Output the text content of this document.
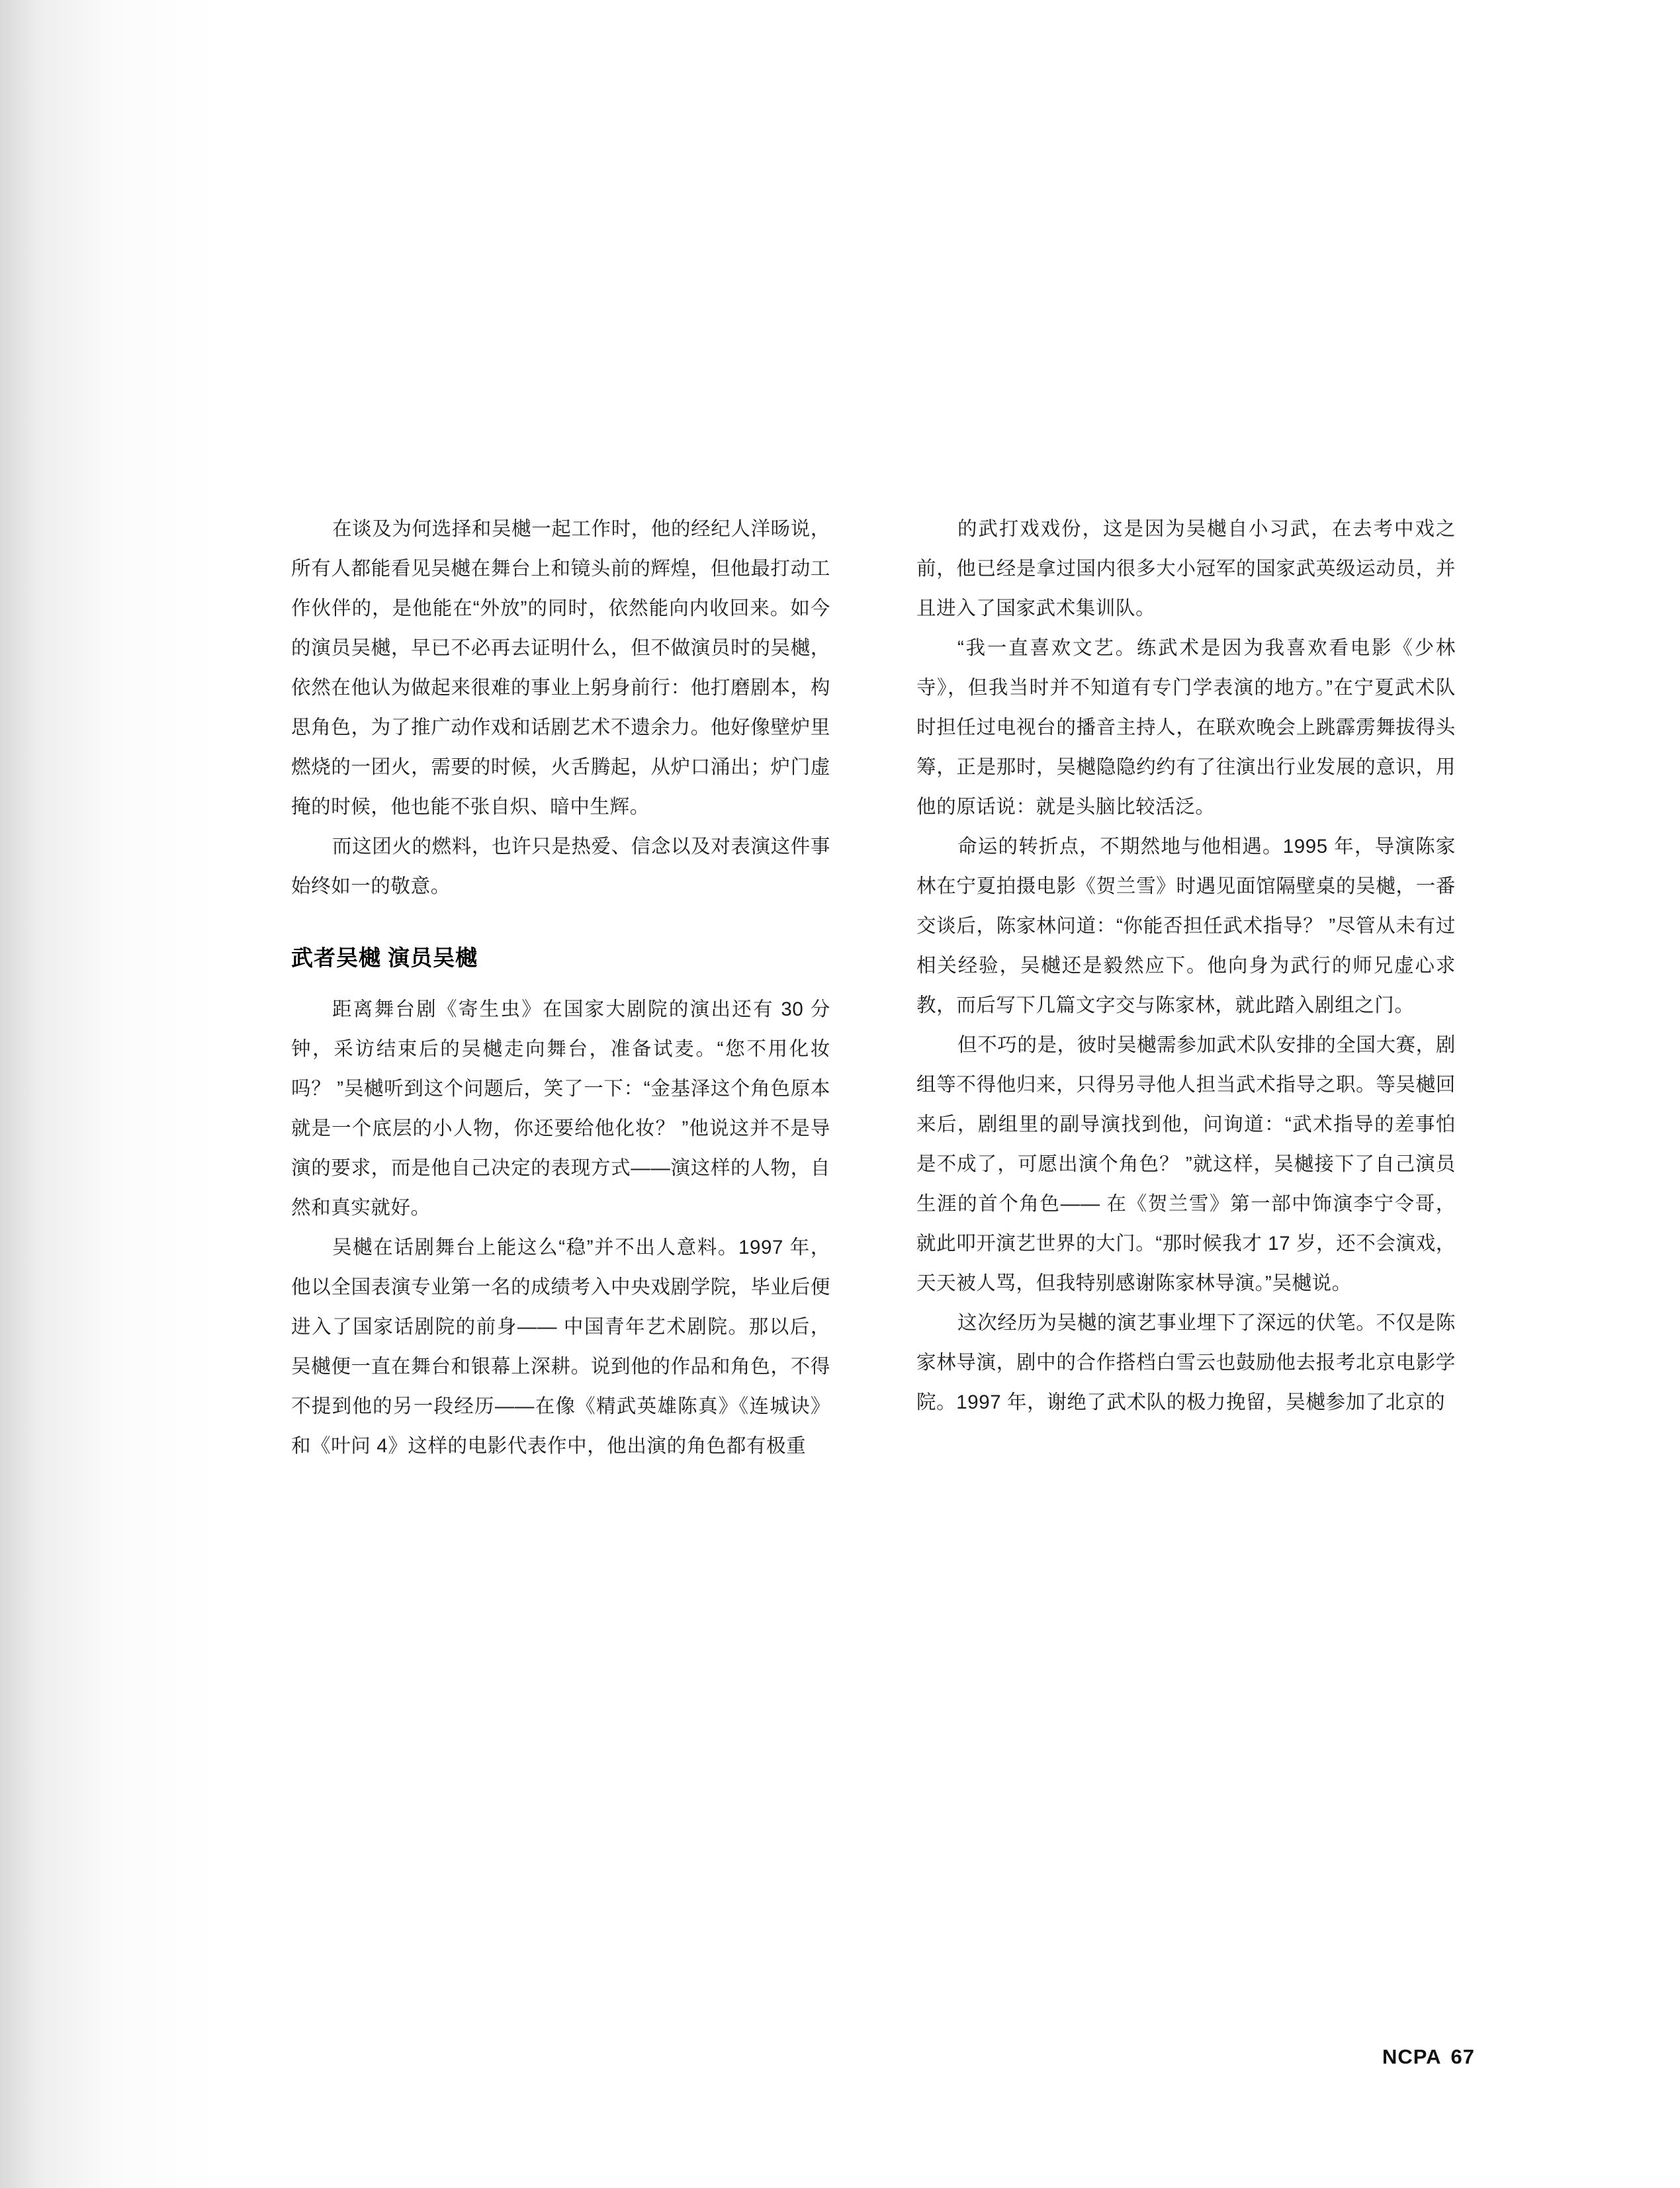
在谈及为何选择和吴樾一起工作时，他的经纪人洋旸说，所有人都能看见吴樾在舞台上和镜头前的辉煌，但他最打动工作伙伴的，是他能在“外放”的同时，依然能向内收回来。如今的演员吴樾，早已不必再去证明什么，但不做演员时的吴樾，依然在他认为做起来很难的事业上躬身前行：他打磨剧本，构思角色，为了推广动作戏和话剧艺术不遗余力。他好像壁炉里燃烧的一团火，需要的时候，火舌腾起，从炉口涌出；炉门虚掩的时候，他也能不张自炽、暗中生辉。

而这团火的燃料，也许只是热爱、信念以及对表演这件事始终如一的敬意。

武者吴樾 演员吴樾

距离舞台剧《寄生虫》在国家大剧院的演出还有 30 分钟，采访结束后的吴樾走向舞台，准备试麦。“您不用化妆吗？ ”吴樾听到这个问题后，笑了一下：“金基泽这个角色原本就是一个底层的小人物，你还要给他化妆？ ”他说这并不是导演的要求，而是他自己决定的表现方式——演这样的人物，自然和真实就好。

吴樾在话剧舞台上能这么“稳”并不出人意料。1997 年，他以全国表演专业第一名的成绩考入中央戏剧学院，毕业后便进入了国家话剧院的前身—— 中国青年艺术剧院。那以后，吴樾便一直在舞台和银幕上深耕。说到他的作品和角色，不得不提到他的另一段经历——在像《精武英雄陈真》《连城诀》和《叶问 4》这样的电影代表作中，他出演的角色都有极重

的武打戏戏份，这是因为吴樾自小习武，在去考中戏之前，他已经是拿过国内很多大小冠军的国家武英级运动员，并且进入了国家武术集训队。

“我一直喜欢文艺。练武术是因为我喜欢看电影《少林寺》，但我当时并不知道有专门学表演的地方。”在宁夏武术队时担任过电视台的播音主持人，在联欢晚会上跳霹雳舞拔得头筹，正是那时，吴樾隐隐约约有了往演出行业发展的意识，用他的原话说：就是头脑比较活泛。

命运的转折点，不期然地与他相遇。1995 年，导演陈家林在宁夏拍摄电影《贺兰雪》时遇见面馆隔壁桌的吴樾，一番交谈后，陈家林问道：“你能否担任武术指导？ ”尽管从未有过相关经验，吴樾还是毅然应下。他向身为武行的师兄虚心求教，而后写下几篇文字交与陈家林，就此踏入剧组之门。

但不巧的是，彼时吴樾需参加武术队安排的全国大赛，剧组等不得他归来，只得另寻他人担当武术指导之职。等吴樾回来后，剧组里的副导演找到他，问询道：“武术指导的差事怕是不成了，可愿出演个角色？ ”就这样，吴樾接下了自己演员生涯的首个角色—— 在《贺兰雪》第一部中饰演李宁令哥，就此叩开演艺世界的大门。“那时候我才 17 岁，还不会演戏，天天被人骂，但我特别感谢陈家林导演。”吴樾说。

这次经历为吴樾的演艺事业埋下了深远的伏笔。不仅是陈家林导演，剧中的合作搭档白雪云也鼓励他去报考北京电影学院。1997 年，谢绝了武术队的极力挽留，吴樾参加了北京的

NCPA 67
